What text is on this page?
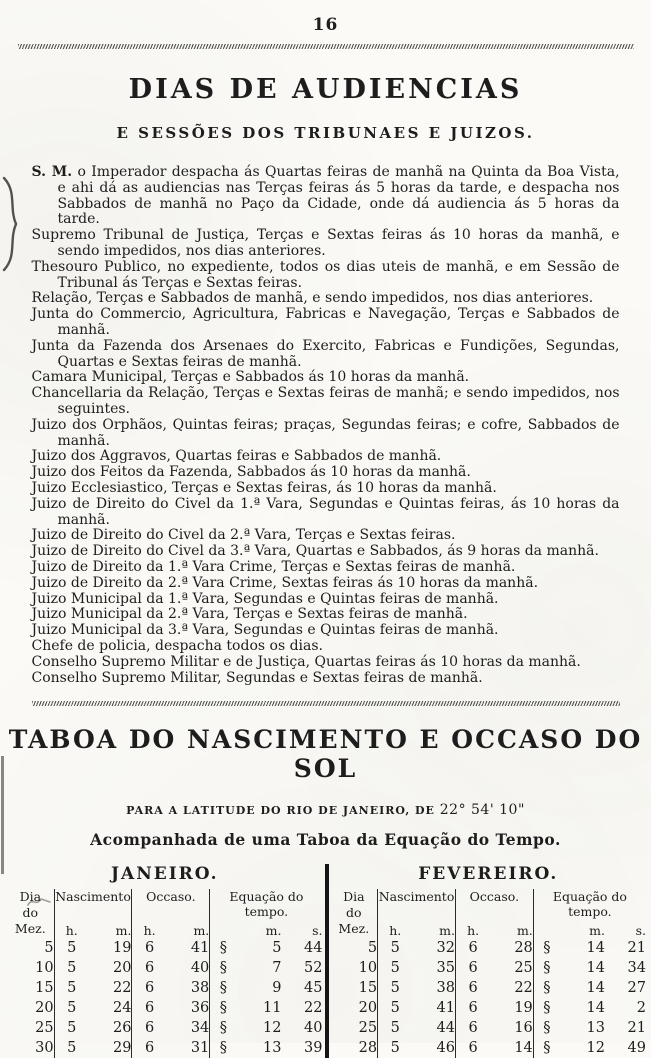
16
DIAS DE AUDIENCIAS
E SESSÕES DOS TRIBUNAES E JUIZOS.
S. M. o Imperador despacha ás Quartas feiras de manhã na Quinta da Boa Vista, e ahi dá as audiencias nas Terças feiras ás 5 horas da tarde, e despacha nos Sabbados de manhã no Paço da Cidade, onde dá audiencia ás 5 horas da tarde.
Supremo Tribunal de Justiça, Terças e Sextas feiras ás 10 horas da manhã, e sendo impedidos, nos dias anteriores.
Thesouro Publico, no expediente, todos os dias uteis de manhã, e em Sessão de Tribunal ás Terças e Sextas feiras.
Relação, Terças e Sabbados de manhã, e sendo impedidos, nos dias anteriores.
Junta do Commercio, Agricultura, Fabricas e Navegação, Terças e Sabbados de manhã.
Junta da Fazenda dos Arsenaes do Exercito, Fabricas e Fundições, Segundas, Quartas e Sextas feiras de manhã.
Camara Municipal, Terças e Sabbados ás 10 horas da manhã.
Chancellaria da Relação, Terças e Sextas feiras de manhã; e sendo impedidos, nos seguintes.
Juizo dos Orphãos, Quintas feiras; praças, Segundas feiras; e cofre, Sabbados de manhã.
Juizo dos Aggravos, Quartas feiras e Sabbados de manhã.
Juizo dos Feitos da Fazenda, Sabbados ás 10 horas da manhã.
Juizo Ecclesiastico, Terças e Sextas feiras, ás 10 horas da manhã.
Juizo de Direito do Civel da 1.ª Vara, Segundas e Quintas feiras, ás 10 horas da manhã.
Juizo de Direito do Civel da 2.ª Vara, Terças e Sextas feiras.
Juizo de Direito do Civel da 3.ª Vara, Quartas e Sabbados, ás 9 horas da manhã.
Juizo de Direito da 1.ª Vara Crime, Terças e Sextas feiras de manhã.
Juizo de Direito da 2.ª Vara Crime, Sextas feiras ás 10 horas da manhã.
Juizo Municipal da 1.ª Vara, Segundas e Quintas feiras de manhã.
Juizo Municipal da 2.ª Vara, Terças e Sextas feiras de manhã.
Juizo Municipal da 3.ª Vara, Segundas e Quintas feiras de manhã.
Chefe de policia, despacha todos os dias.
Conselho Supremo Militar e de Justiça, Quartas feiras ás 10 horas da manhã.
Conselho Supremo Militar, Segundas e Sextas feiras de manhã.
TABOA DO NASCIMENTO E OCCASO DO SOL
PARA A LATITUDE DO RIO DE JANEIRO, DE 22° 54' 10"
Acompanhada de uma Taboa da Equação do Tempo.
JANEIRO.
Dia
do
Mez.	Nascimento		Occaso.		Equação do tempo.		
	h.	m.	h.	m.		m.	s.
5	5	19	6	41	§	5	44
10	5	20	6	40	§	7	52
15	5	22	6	38	§	9	45
20	5	24	6	36	§	11	22
25	5	26	6	34	§	12	40
30	5	29	6	31	§	13	39
FEVEREIRO.
Dia
do
Mez.	Nascimento		Occaso.		Equação do tempo.		
	h.	m.	h.	m.		m.	s.
5	5	32	6	28	§	14	21
10	5	35	6	25	§	14	34
15	5	38	6	22	§	14	27
20	5	41	6	19	§	14	2
25	5	44	6	16	§	13	21
28	5	46	6	14	§	12	49
